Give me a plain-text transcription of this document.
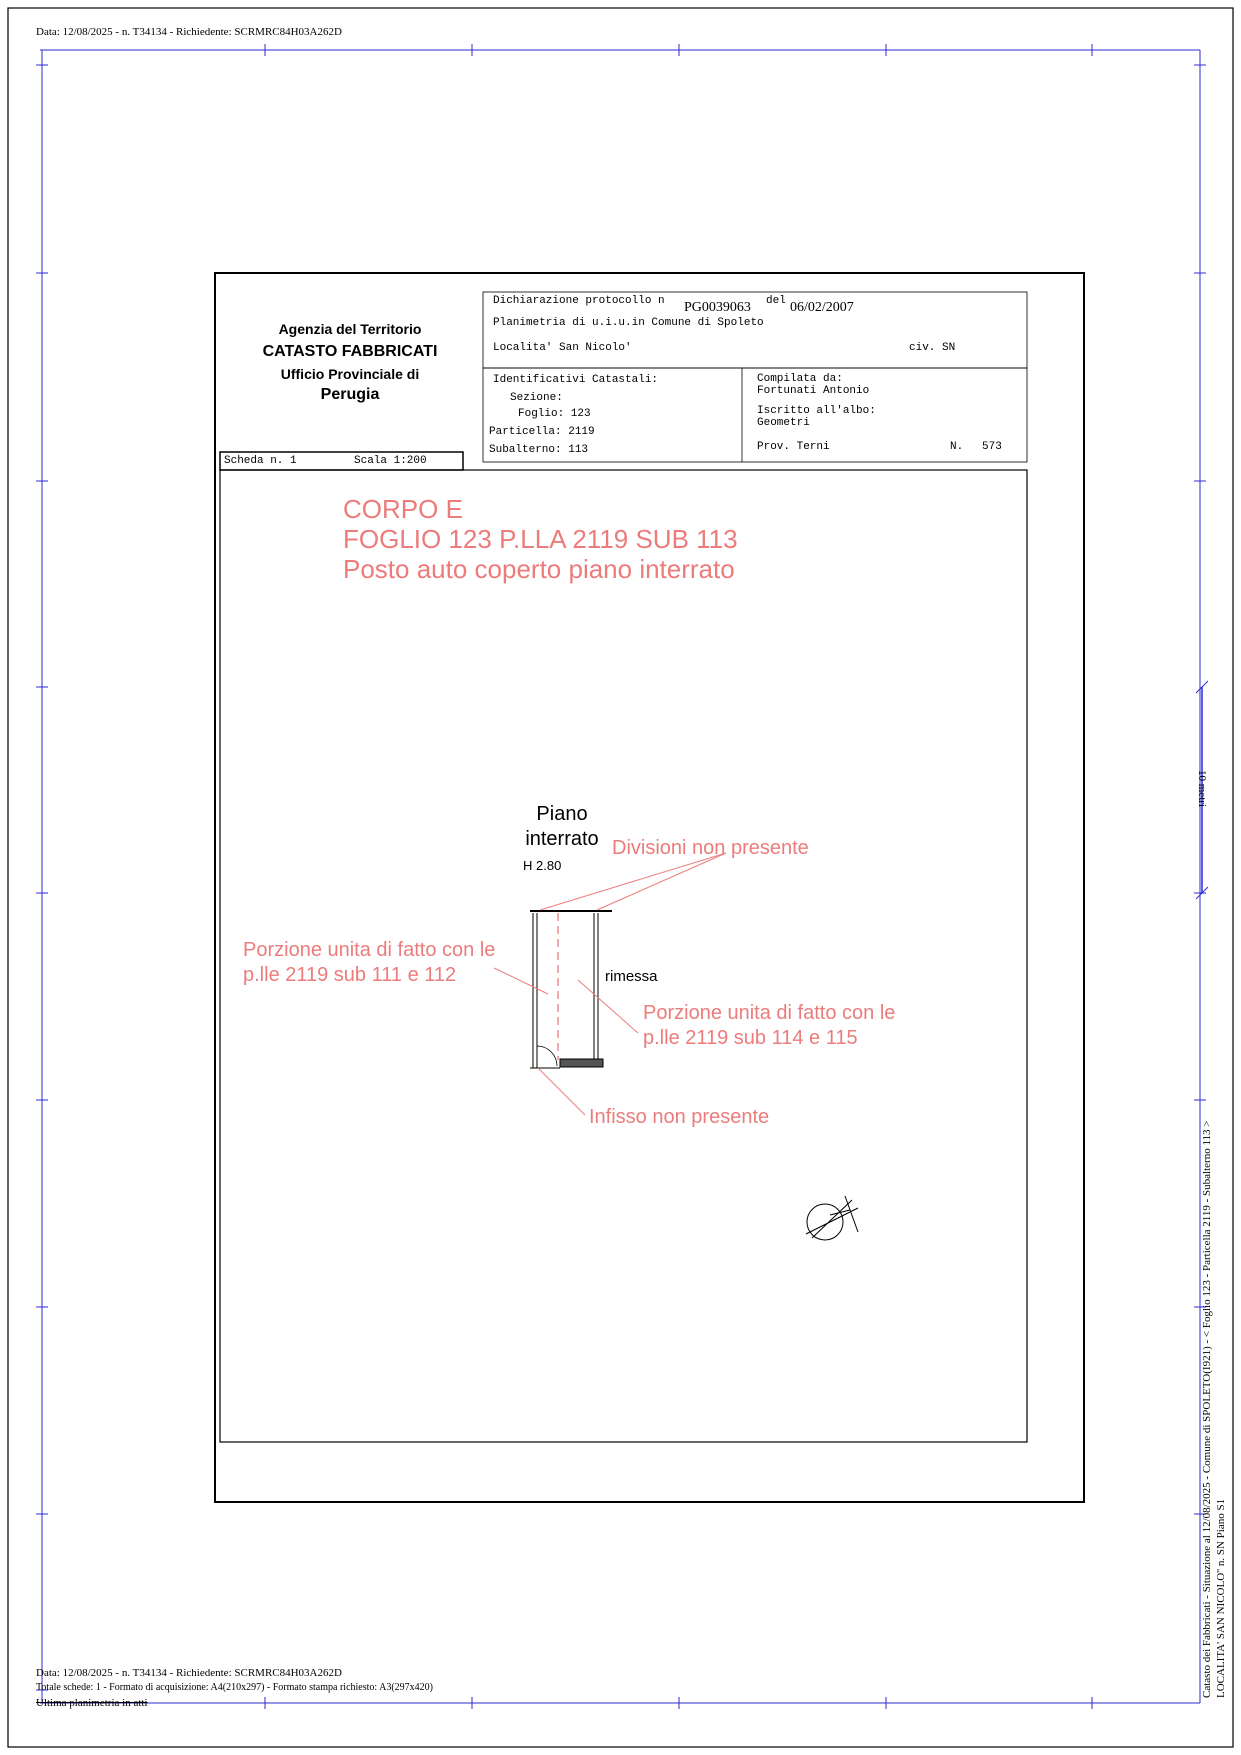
Data: 12/08/2025 - n. T34134 - Richiedente: SCRMRC84H03A262D
Agenzia del Territorio
CATASTO FABBRICATI
Ufficio Provinciale di
Perugia
Dichiarazione protocollo n PG0039063 del 06/02/2007
Planimetria di u.i.u.in Comune di Spoleto
Localita' San Nicolo'	civ. SN
Identificativi Catastali:
Sezione:
Foglio: 123
Particella: 2119
Subalterno: 113
Compilata da:
Fortunati Antonio
Iscritto all'albo:
Geometri
Prov. Terni	N. 573
Scheda n. 1	Scala 1:200
CORPO E
FOGLIO 123 P.LLA 2119 SUB 113
Posto auto coperto piano interrato
Divisioni non presente
Porzione unita di fatto con le
p.lle 2119 sub 111 e 112
Porzione unita di fatto con le
p.lle 2119 sub 114 e 115
Infisso non presente
Piano
interrato
H 2.80
rimessa
10 metri
Data: 12/08/2025 - n. T34134 - Richiedente: SCRMRC84H03A262D
Totale schede: 1 - Formato di acquisizione: A4(210x297) - Formato stampa richiesto: A3(297x420)
Ultima planimetria in atti
Catasto dei Fabbricati - Situazione al 12/08/2025 - Comune di SPOLETO(I921) - < Foglio 123 - Particella 2119 - Subalterno 113 > LOCALITA' SAN NICOLO'' n. SN Piano S1
